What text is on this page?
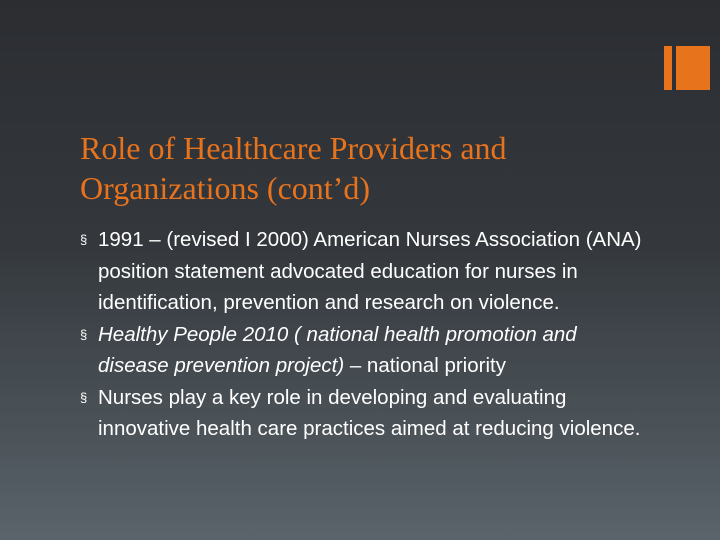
Role of Healthcare Providers and
Organizations (cont’d)
§ 1991 – (revised I 2000) American Nurses Association (ANA) position statement advocated education for nurses in identification, prevention and research on violence.
§ Healthy People 2010 ( national health promotion and disease prevention project) – national priority
§ Nurses play a key role in developing and evaluating innovative health care practices aimed at reducing violence.
